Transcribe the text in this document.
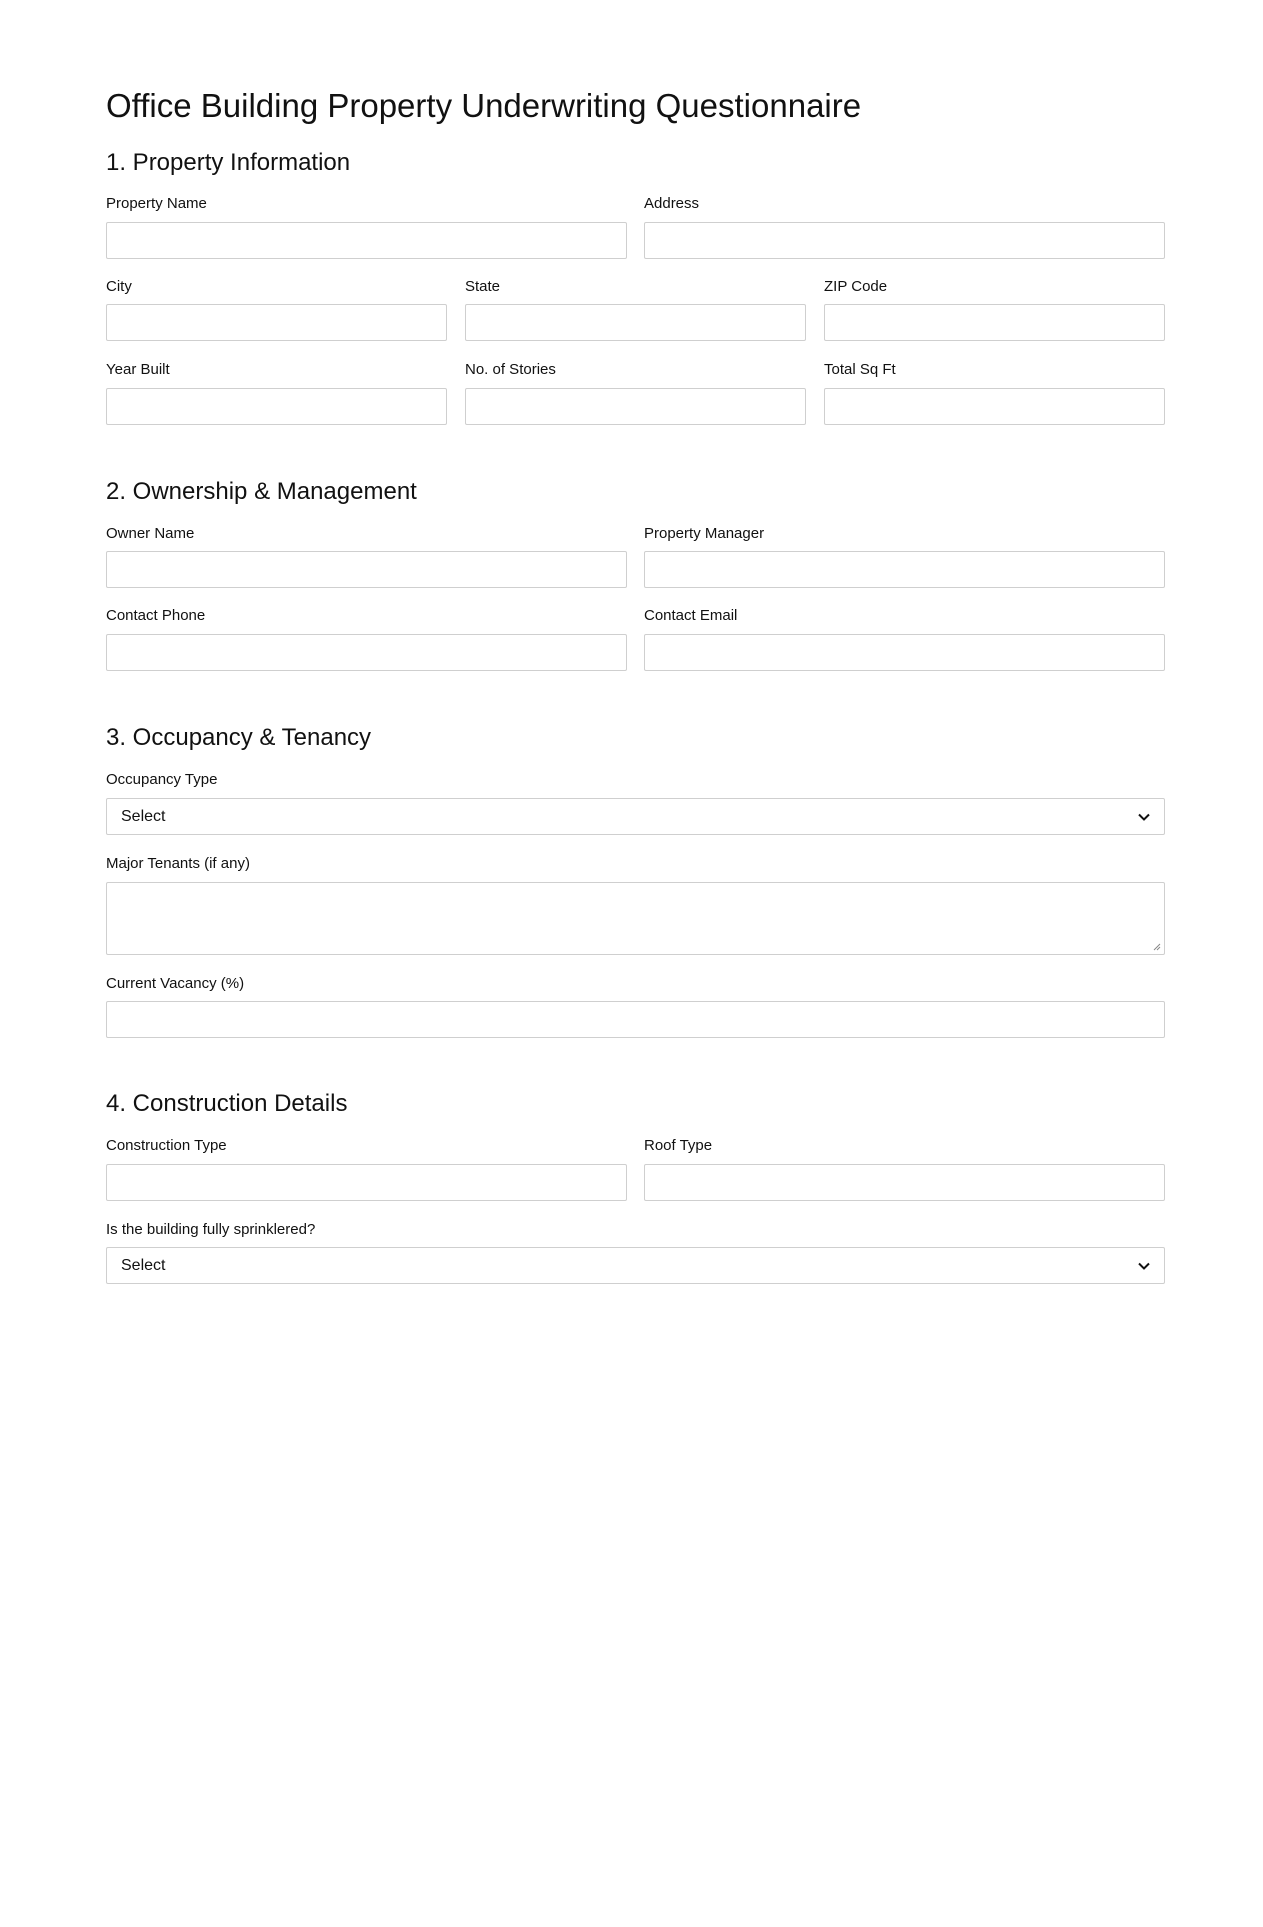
Office Building Property Underwriting Questionnaire
1. Property Information
Property Name	Address
City	State	ZIP Code
Year Built	No. of Stories	Total Sq Ft
2. Ownership & Management
Owner Name	Property Manager
Contact Phone	Contact Email
3. Occupancy & Tenancy
Occupancy Type
Select
Major Tenants (if any)
Current Vacancy (%)
4. Construction Details
Construction Type	Roof Type
Is the building fully sprinklered?
Select
